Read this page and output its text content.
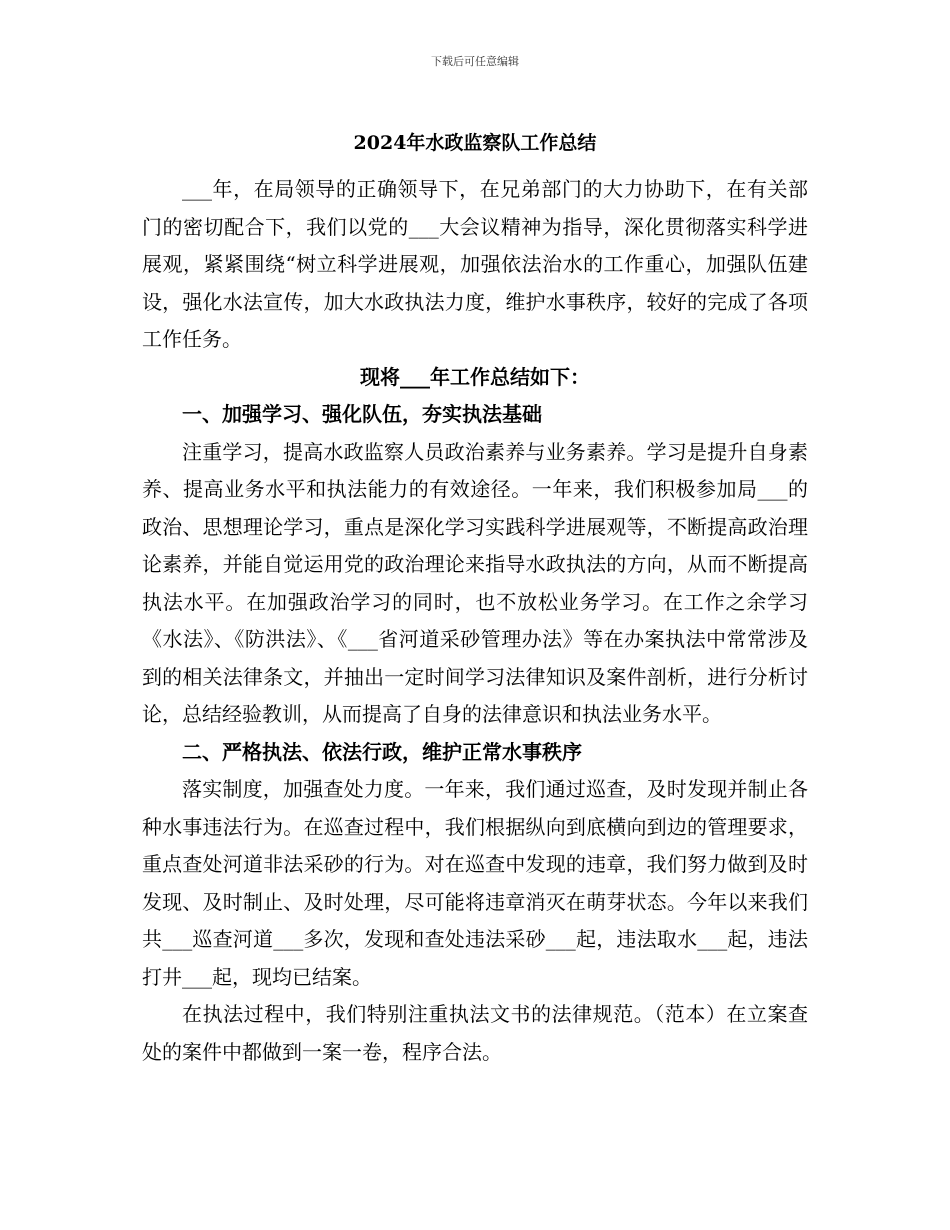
下载后可任意编辑
2024年水政监察队工作总结

___年，在局领导的正确领导下，在兄弟部门的大力协助下，在有关部门的密切配合下，我们以党的___大会议精神为指导，深化贯彻落实科学进展观，紧紧围绕“树立科学进展观，加强依法治水的工作重心，加强队伍建设，强化水法宣传，加大水政执法力度，维护水事秩序，较好的完成了各项工作任务。

现将___年工作总结如下：

一、加强学习、强化队伍，夯实执法基础

注重学习，提高水政监察人员政治素养与业务素养。学习是提升自身素养、提高业务水平和执法能力的有效途径。一年来，我们积极参加局___的政治、思想理论学习，重点是深化学习实践科学进展观等，不断提高政治理论素养，并能自觉运用党的政治理论来指导水政执法的方向，从而不断提高执法水平。在加强政治学习的同时，也不放松业务学习。在工作之余学习《水法》、《防洪法》、《___省河道采砂管理办法》等在办案执法中常常涉及到的相关法律条文，并抽出一定时间学习法律知识及案件剖析，进行分析讨论，总结经验教训，从而提高了自身的法律意识和执法业务水平。

二、严格执法、依法行政，维护正常水事秩序

落实制度，加强查处力度。一年来，我们通过巡查，及时发现并制止各种水事违法行为。在巡查过程中，我们根据纵向到底横向到边的管理要求，重点查处河道非法采砂的行为。对在巡查中发现的违章，我们努力做到及时发现、及时制止、及时处理，尽可能将违章消灭在萌芽状态。今年以来我们共___巡查河道___多次，发现和查处违法采砂___起，违法取水___起，违法打井___起，现均已结案。

在执法过程中，我们特别注重执法文书的法律规范。（范本）在立案查处的案件中都做到一案一卷，程序合法。
